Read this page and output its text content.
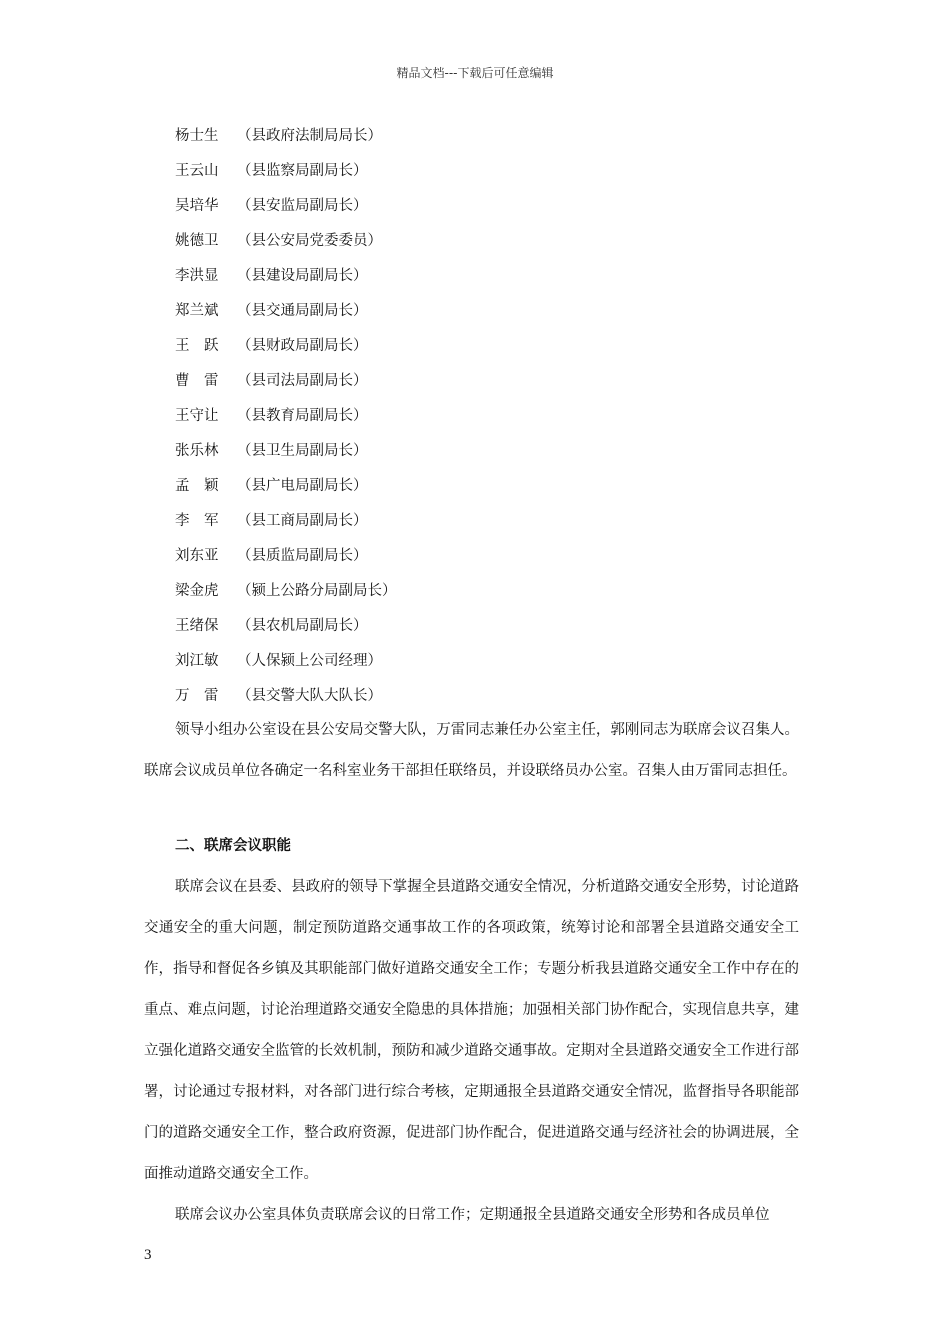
精品文档---下载后可任意编辑
杨士生 （县政府法制局局长）
王云山 （县监察局副局长）
吴培华 （县安监局副局长）
姚德卫 （县公安局党委委员）
李洪显 （县建设局副局长）
郑兰斌 （县交通局副局长）
王　跃 （县财政局副局长）
曹　雷 （县司法局副局长）
王守让 （县教育局副局长）
张乐林 （县卫生局副局长）
孟　颖 （县广电局副局长）
李　军 （县工商局副局长）
刘东亚 （县质监局副局长）
梁金虎 （颍上公路分局副局长）
王绪保 （县农机局副局长）
刘江敏 （人保颍上公司经理）
万　雷 （县交警大队大队长）

领导小组办公室设在县公安局交警大队，万雷同志兼任办公室主任，郭刚同志为联席会议召集人。联席会议成员单位各确定一名科室业务干部担任联络员，并设联络员办公室。召集人由万雷同志担任。

二、联席会议职能

联席会议在县委、县政府的领导下掌握全县道路交通安全情况，分析道路交通安全形势，讨论道路交通安全的重大问题，制定预防道路交通事故工作的各项政策，统筹讨论和部署全县道路交通安全工作，指导和督促各乡镇及其职能部门做好道路交通安全工作；专题分析我县道路交通安全工作中存在的重点、难点问题，讨论治理道路交通安全隐患的具体措施；加强相关部门协作配合，实现信息共享，建立强化道路交通安全监管的长效机制，预防和减少道路交通事故。定期对全县道路交通安全工作进行部署，讨论通过专报材料，对各部门进行综合考核，定期通报全县道路交通安全情况，监督指导各职能部门的道路交通安全工作，整合政府资源，促进部门协作配合，促进道路交通与经济社会的协调进展，全面推动道路交通安全工作。

联席会议办公室具体负责联席会议的日常工作；定期通报全县道路交通安全形势和各成员单位

3
